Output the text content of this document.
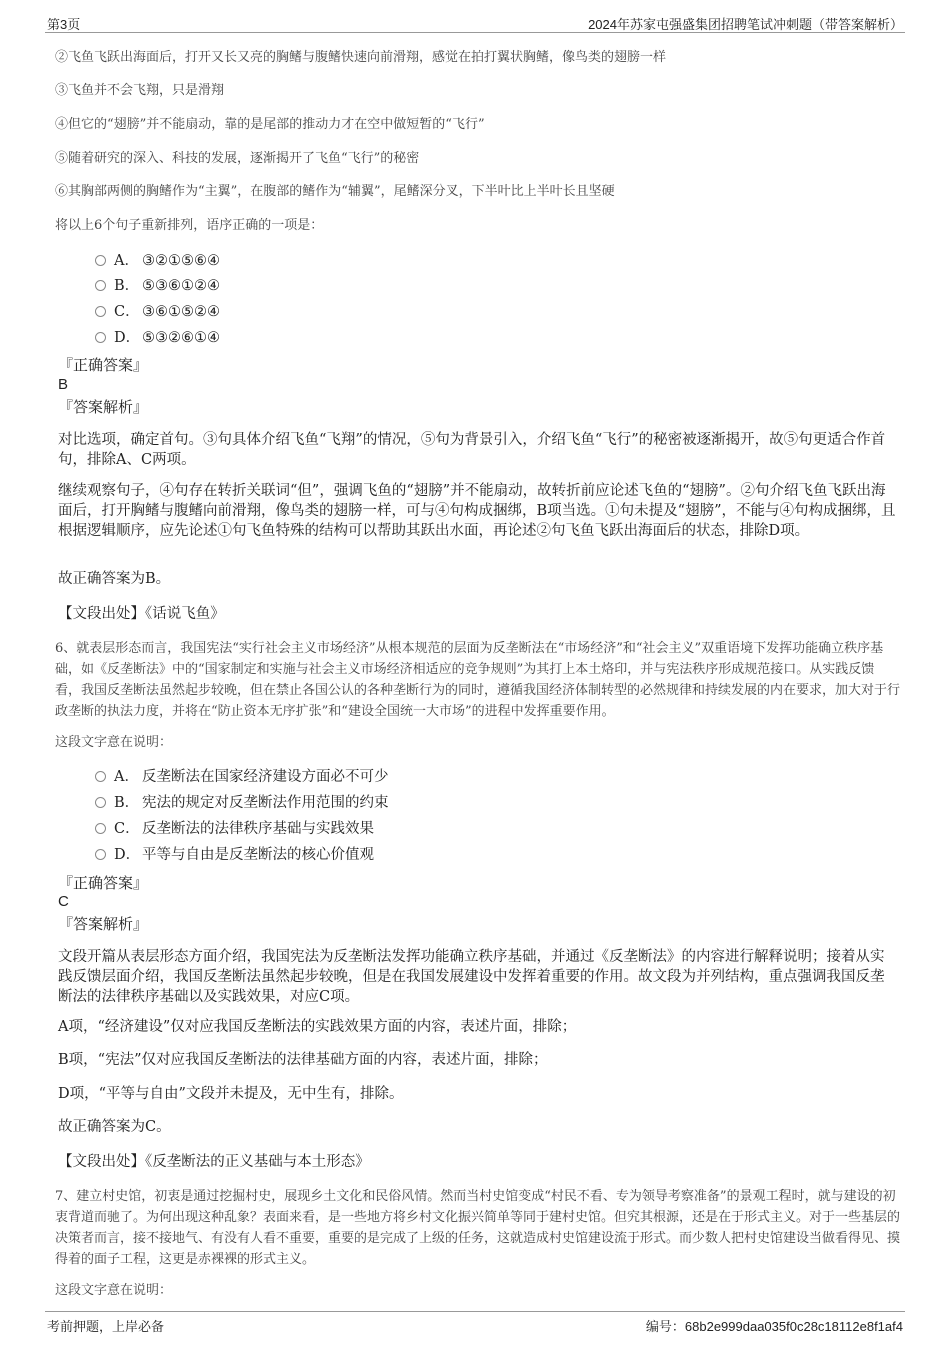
第3页	2024年苏家屯强盛集团招聘笔试冲刺题（带答案解析）
②飞鱼飞跃出海面后，打开又长又亮的胸鳍与腹鳍快速向前滑翔，感觉在拍打翼状胸鳍，像鸟类的翅膀一样
③飞鱼并不会飞翔，只是滑翔
④但它的“翅膀”并不能扇动，靠的是尾部的推动力才在空中做短暂的“飞行”
⑤随着研究的深入、科技的发展，逐渐揭开了飞鱼“飞行”的秘密
⑥其胸部两侧的胸鳍作为“主翼”，在腹部的鳍作为“辅翼”，尾鳍深分叉，下半叶比上半叶长且坚硬
将以上6个句子重新排列，语序正确的一项是：
A． ③②①⑤⑥④
B． ⑤③⑥①②④
C． ③⑥①⑤②④
D． ⑤③②⑥①④
『正确答案』
B
『答案解析』
对比选项，确定首句。③句具体介绍飞鱼“飞翔”的情况，⑤句为背景引入，介绍飞鱼“飞行”的秘密被逐渐揭开，故⑤句更适合作首句，排除A、C两项。
继续观察句子，④句存在转折关联词“但”，强调飞鱼的“翅膀”并不能扇动，故转折前应论述飞鱼的“翅膀”。②句介绍飞鱼飞跃出海面后，打开胸鳍与腹鳍向前滑翔，像鸟类的翅膀一样，可与④句构成捆绑，B项当选。①句未提及“翅膀”，不能与④句构成捆绑，且根据逻辑顺序，应先论述①句飞鱼特殊的结构可以帮助其跃出水面，再论述②句飞鱼飞跃出海面后的状态，排除D项。
故正确答案为B。
【文段出处】《话说飞鱼》
6、就表层形态而言，我国宪法“实行社会主义市场经济”从根本规范的层面为反垄断法在“市场经济”和“社会主义”双重语境下发挥功能确立秩序基础，如《反垄断法》中的“国家制定和实施与社会主义市场经济相适应的竞争规则”为其打上本土烙印，并与宪法秩序形成规范接口。从实践反馈看，我国反垄断法虽然起步较晚，但在禁止各国公认的各种垄断行为的同时，遵循我国经济体制转型的必然规律和持续发展的内在要求，加大对于行政垄断的执法力度，并将在“防止资本无序扩张”和“建设全国统一大市场”的进程中发挥重要作用。
这段文字意在说明：
A． 反垄断法在国家经济建设方面必不可少
B． 宪法的规定对反垄断法作用范围的约束
C． 反垄断法的法律秩序基础与实践效果
D． 平等与自由是反垄断法的核心价值观
『正确答案』
C
『答案解析』
文段开篇从表层形态方面介绍，我国宪法为反垄断法发挥功能确立秩序基础，并通过《反垄断法》的内容进行解释说明；接着从实践反馈层面介绍，我国反垄断法虽然起步较晚，但是在我国发展建设中发挥着重要的作用。故文段为并列结构，重点强调我国反垄断法的法律秩序基础以及实践效果，对应C项。
A项，“经济建设”仅对应我国反垄断法的实践效果方面的内容，表述片面，排除；
B项，“宪法”仅对应我国反垄断法的法律基础方面的内容，表述片面，排除；
D项，“平等与自由”文段并未提及，无中生有，排除。
故正确答案为C。
【文段出处】《反垄断法的正义基础与本土形态》
7、建立村史馆，初衷是通过挖掘村史，展现乡土文化和民俗风情。然而当村史馆变成“村民不看、专为领导考察准备”的景观工程时，就与建设的初衷背道而驰了。为何出现这种乱象？表面来看，是一些地方将乡村文化振兴简单等同于建村史馆。但究其根源，还是在于形式主义。对于一些基层的决策者而言，接不接地气、有没有人看不重要，重要的是完成了上级的任务，这就造成村史馆建设流于形式。而少数人把村史馆建设当做看得见、摸得着的面子工程，这更是赤裸裸的形式主义。
这段文字意在说明：
考前押题，上岸必备	编号：68b2e999daa035f0c28c18112e8f1af4
